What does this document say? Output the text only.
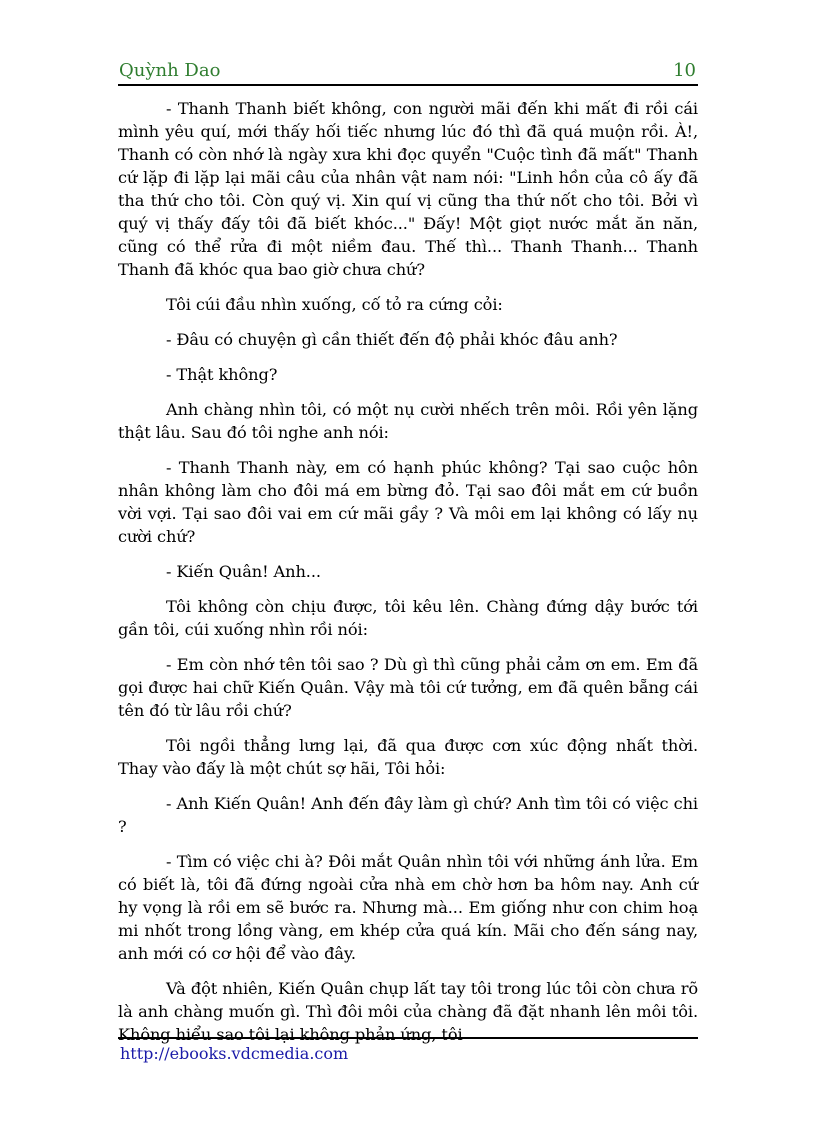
Quỳnh Dao	10

- Thanh Thanh biết không, con người mãi đến khi mất đi rồi cái mình yêu quí, mới thấy hối tiếc nhưng lúc đó thì đã quá muộn rồi. À!, Thanh có còn nhớ là ngày xưa khi đọc quyển "Cuộc tình đã mất" Thanh cứ lặp đi lặp lại mãi câu của nhân vật nam nói: "Linh hồn của cô ấy đã tha thứ cho tôi. Còn quý vị. Xin quí vị cũng tha thứ nốt cho tôi. Bởi vì quý vị thấy đấy tôi đã biết khóc..." Đấy! Một giọt nước mắt ăn năn, cũng có thể rửa đi một niềm đau. Thế thì... Thanh Thanh... Thanh Thanh đã khóc qua bao giờ chưa chứ?

Tôi cúi đầu nhìn xuống, cố tỏ ra cứng cỏi:

- Đâu có chuyện gì cần thiết đến độ phải khóc đâu anh?

- Thật không?

Anh chàng nhìn tôi, có một nụ cười nhếch trên môi. Rồi yên lặng thật lâu. Sau đó tôi nghe anh nói:

- Thanh Thanh này, em có hạnh phúc không? Tại sao cuộc hôn nhân không làm cho đôi má em bừng đỏ. Tại sao đôi mắt em cứ buồn vời vợi. Tại sao đôi vai em cứ mãi gầy ? Và môi em lại không có lấy nụ cười chứ?

- Kiến Quân! Anh...

Tôi không còn chịu được, tôi kêu lên. Chàng đứng dậy bước tới gần tôi, cúi xuống nhìn rồi nói:

- Em còn nhớ tên tôi sao ? Dù gì thì cũng phải cảm ơn em. Em đã gọi được hai chữ Kiến Quân. Vậy mà tôi cứ tưởng, em đã quên bẵng cái tên đó từ lâu rồi chứ?

Tôi ngồi thẳng lưng lại, đã qua được cơn xúc động nhất thời. Thay vào đấy là một chút sợ hãi, Tôi hỏi:

- Anh Kiến Quân! Anh đến đây làm gì chứ? Anh tìm tôi có việc chi ?

- Tìm có việc chi à? Đôi mắt Quân nhìn tôi với những ánh lửa. Em có biết là, tôi đã đứng ngoài cửa nhà em chờ hơn ba hôm nay. Anh cứ hy vọng là rồi em sẽ bước ra. Nhưng mà... Em giống như con chim hoạ mi nhốt trong lồng vàng, em khép cửa quá kín. Mãi cho đến sáng nay, anh mới có cơ hội để vào đây.

Và đột nhiên, Kiến Quân chụp lất tay tôi trong lúc tôi còn chưa rõ là anh chàng muốn gì. Thì đôi môi của chàng đã đặt nhanh lên môi tôi. Không hiểu sao tôi lại không phản ứng, tôi

http://ebooks.vdcmedia.com
